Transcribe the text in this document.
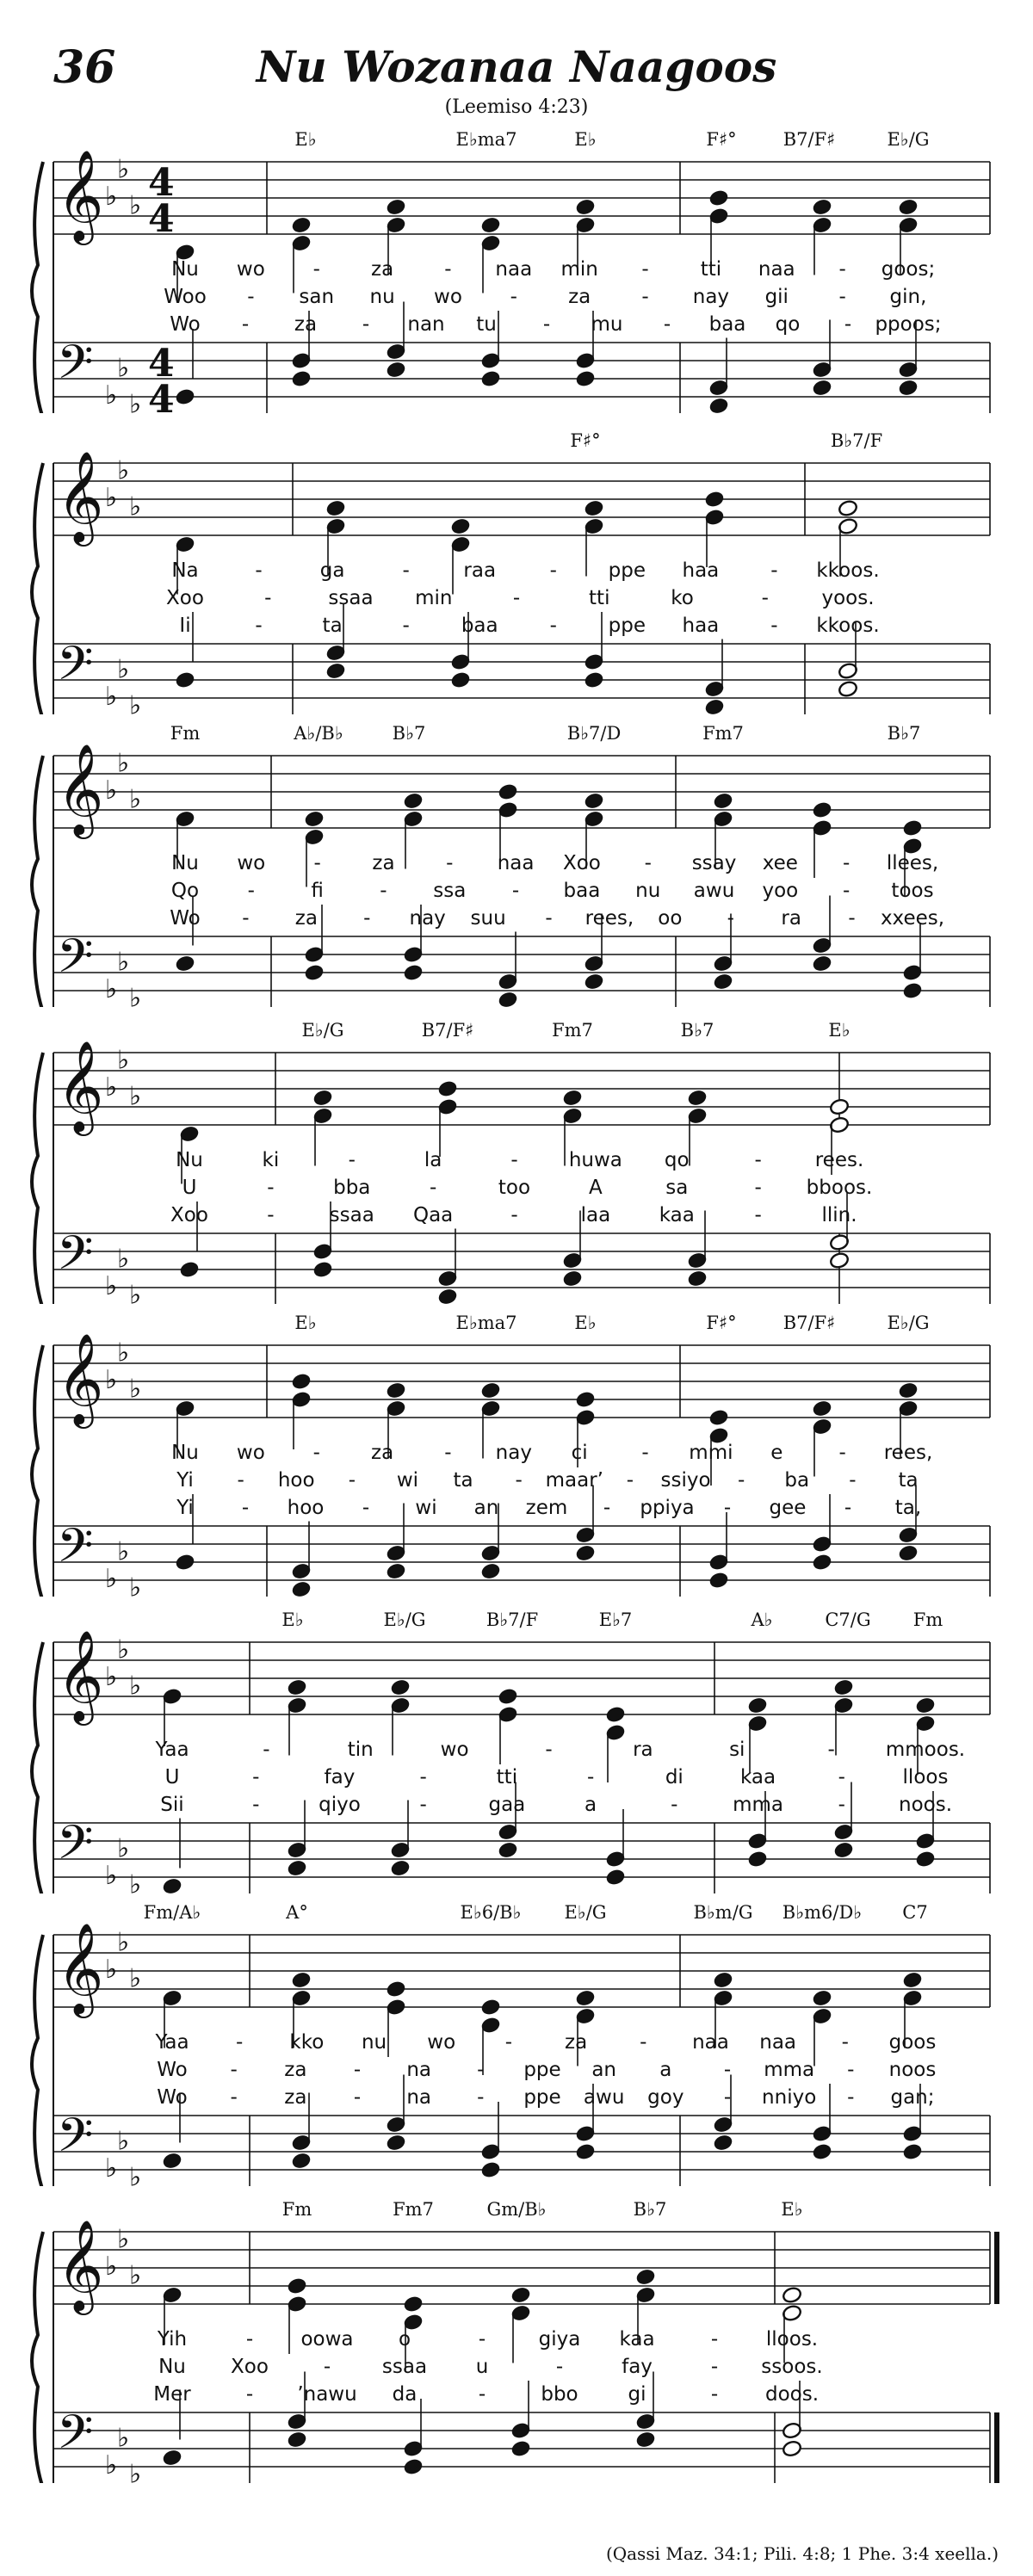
36	Nu Wozanaa Naagoos
(Leemiso 4:23)
E♭	E♭ma7	E♭	F♯°	B7/F♯	E♭/G
𝄞 ♭
♭
♭
4
4
𝄢 ♭
♭
♭
4
4
Nu wo -	za	- naa min -	tti naa - goos;
Woo - san nu wo -	za	- nay gii	- gin,
Wo - za - nan tu - mu - baa qo - ppoos;
F♯°	B♭7/F
𝄞 ♭
♭
♭
𝄢 ♭
♭
♭
Na	-	ga	-	raa	-	ppe haa	- kkoos.
Xoo	-	ssaa min	-	tti	ko	-	yoos.
Ii	-	ta	-	baa	-	ppe haa	- kkoos.
Fm	A♭/B♭	B♭7	B♭7/D	Fm7	B♭7
𝄞 ♭
♭
♭
𝄢 ♭
♭
♭
Nu wo -	za	- naa Xoo - ssay xee - llees,
Qo -	fi	- ssa - baa nu awu yoo - toos
Wo - za - nay suu - rees, oo - ra - xxees,
E♭/G	B7/F♯	Fm7	B♭7	E♭
𝄞 ♭
♭
♭
𝄢 ♭
♭
♭
Nu	ki	-	la	-	huwa qo	-	rees.
U	-	bba	-	too	A	sa	- bboos.
Xoo	-	ssaa Qaa	-	laa kaa	-	llin.
E♭	E♭ma7	E♭	F♯°	B7/F♯	E♭/G
𝄞 ♭
♭
♭
𝄢 ♭
♭
♭
Nu wo -	za	- nay ci	- mmi e	- rees,
Yi - hoo - wi ta - maar’ - ssiyo - ba - ta
Yi - hoo - wi an zem - ppiya - gee - ta,
E♭	E♭/G	B♭7/F	E♭7	A♭	C7/G Fm
𝄞 ♭
♭
♭
𝄢 ♭
♭
♭
Yaa	-	tin	wo	-	ra	si	-	mmoos.
U	-	fay	-	tti	-	di	kaa	-	lloos
Sii	-	qiyo	-	gaa	a	-	mma	-	noos.
Fm/A♭	A°	E♭6/B♭ E♭/G	B♭m/G B♭m6/D♭ C7
𝄞 ♭
♭
♭
𝄢 ♭
♭
♭
Yaa - kko nu wo	-	za	- naa naa - goos
Wo - za - na - ppe an a	- mma - noos
Wo - za - na - ppe awu goy - nniyo - gan;
Fm	Fm7	Gm/B♭	B♭7	E♭
𝄞 ♭
♭
♭
𝄢 ♭
♭
♭
Yih	- oowa o	-	giya kaa	- lloos.
Nu Xoo	-	ssaa u	-	fay	- ssoos.
Mer	- ’nawu da	-	bbo	gi	- doos.
(Qassi Maz. 34:1; Pili. 4:8; 1 Phe. 3:4 xeella.)
